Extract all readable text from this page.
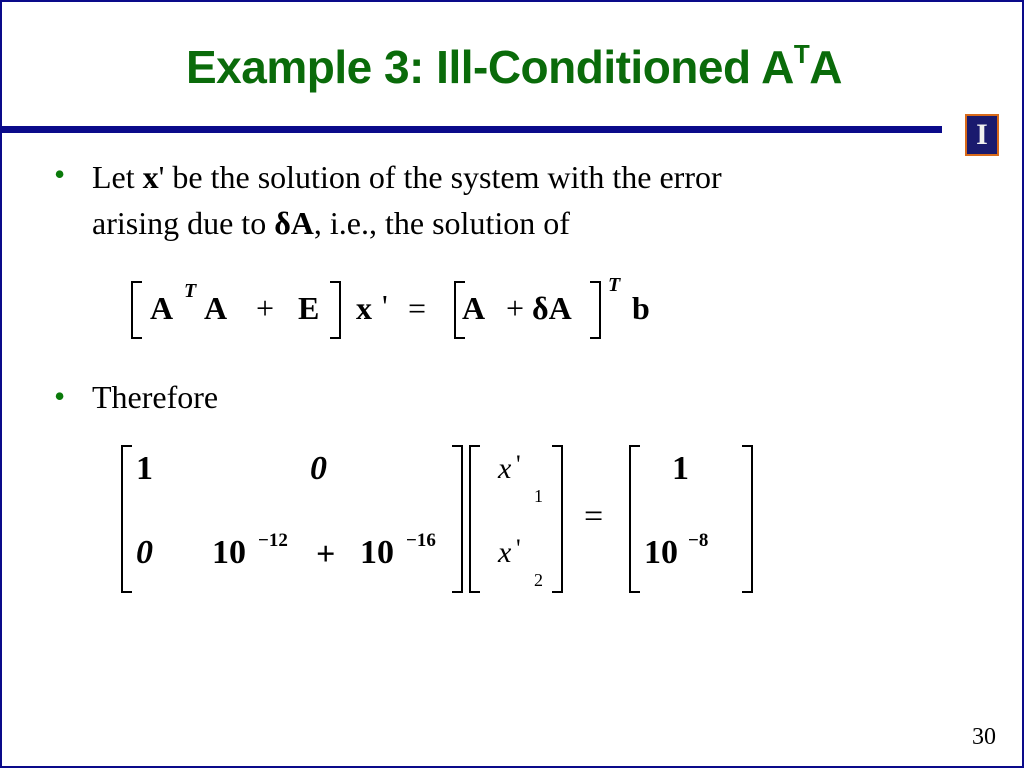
Example 3: Ill-Conditioned $A^TA$
I
• Let x' be the solution of the system with the error
arising due to δA, i.e., the solution of
A T A + E x ' = A + δA
T
b
• Therefore
1	0
0 10 −12 + 10 −16
x '
1
x '
2
=
1
10 −8
30
